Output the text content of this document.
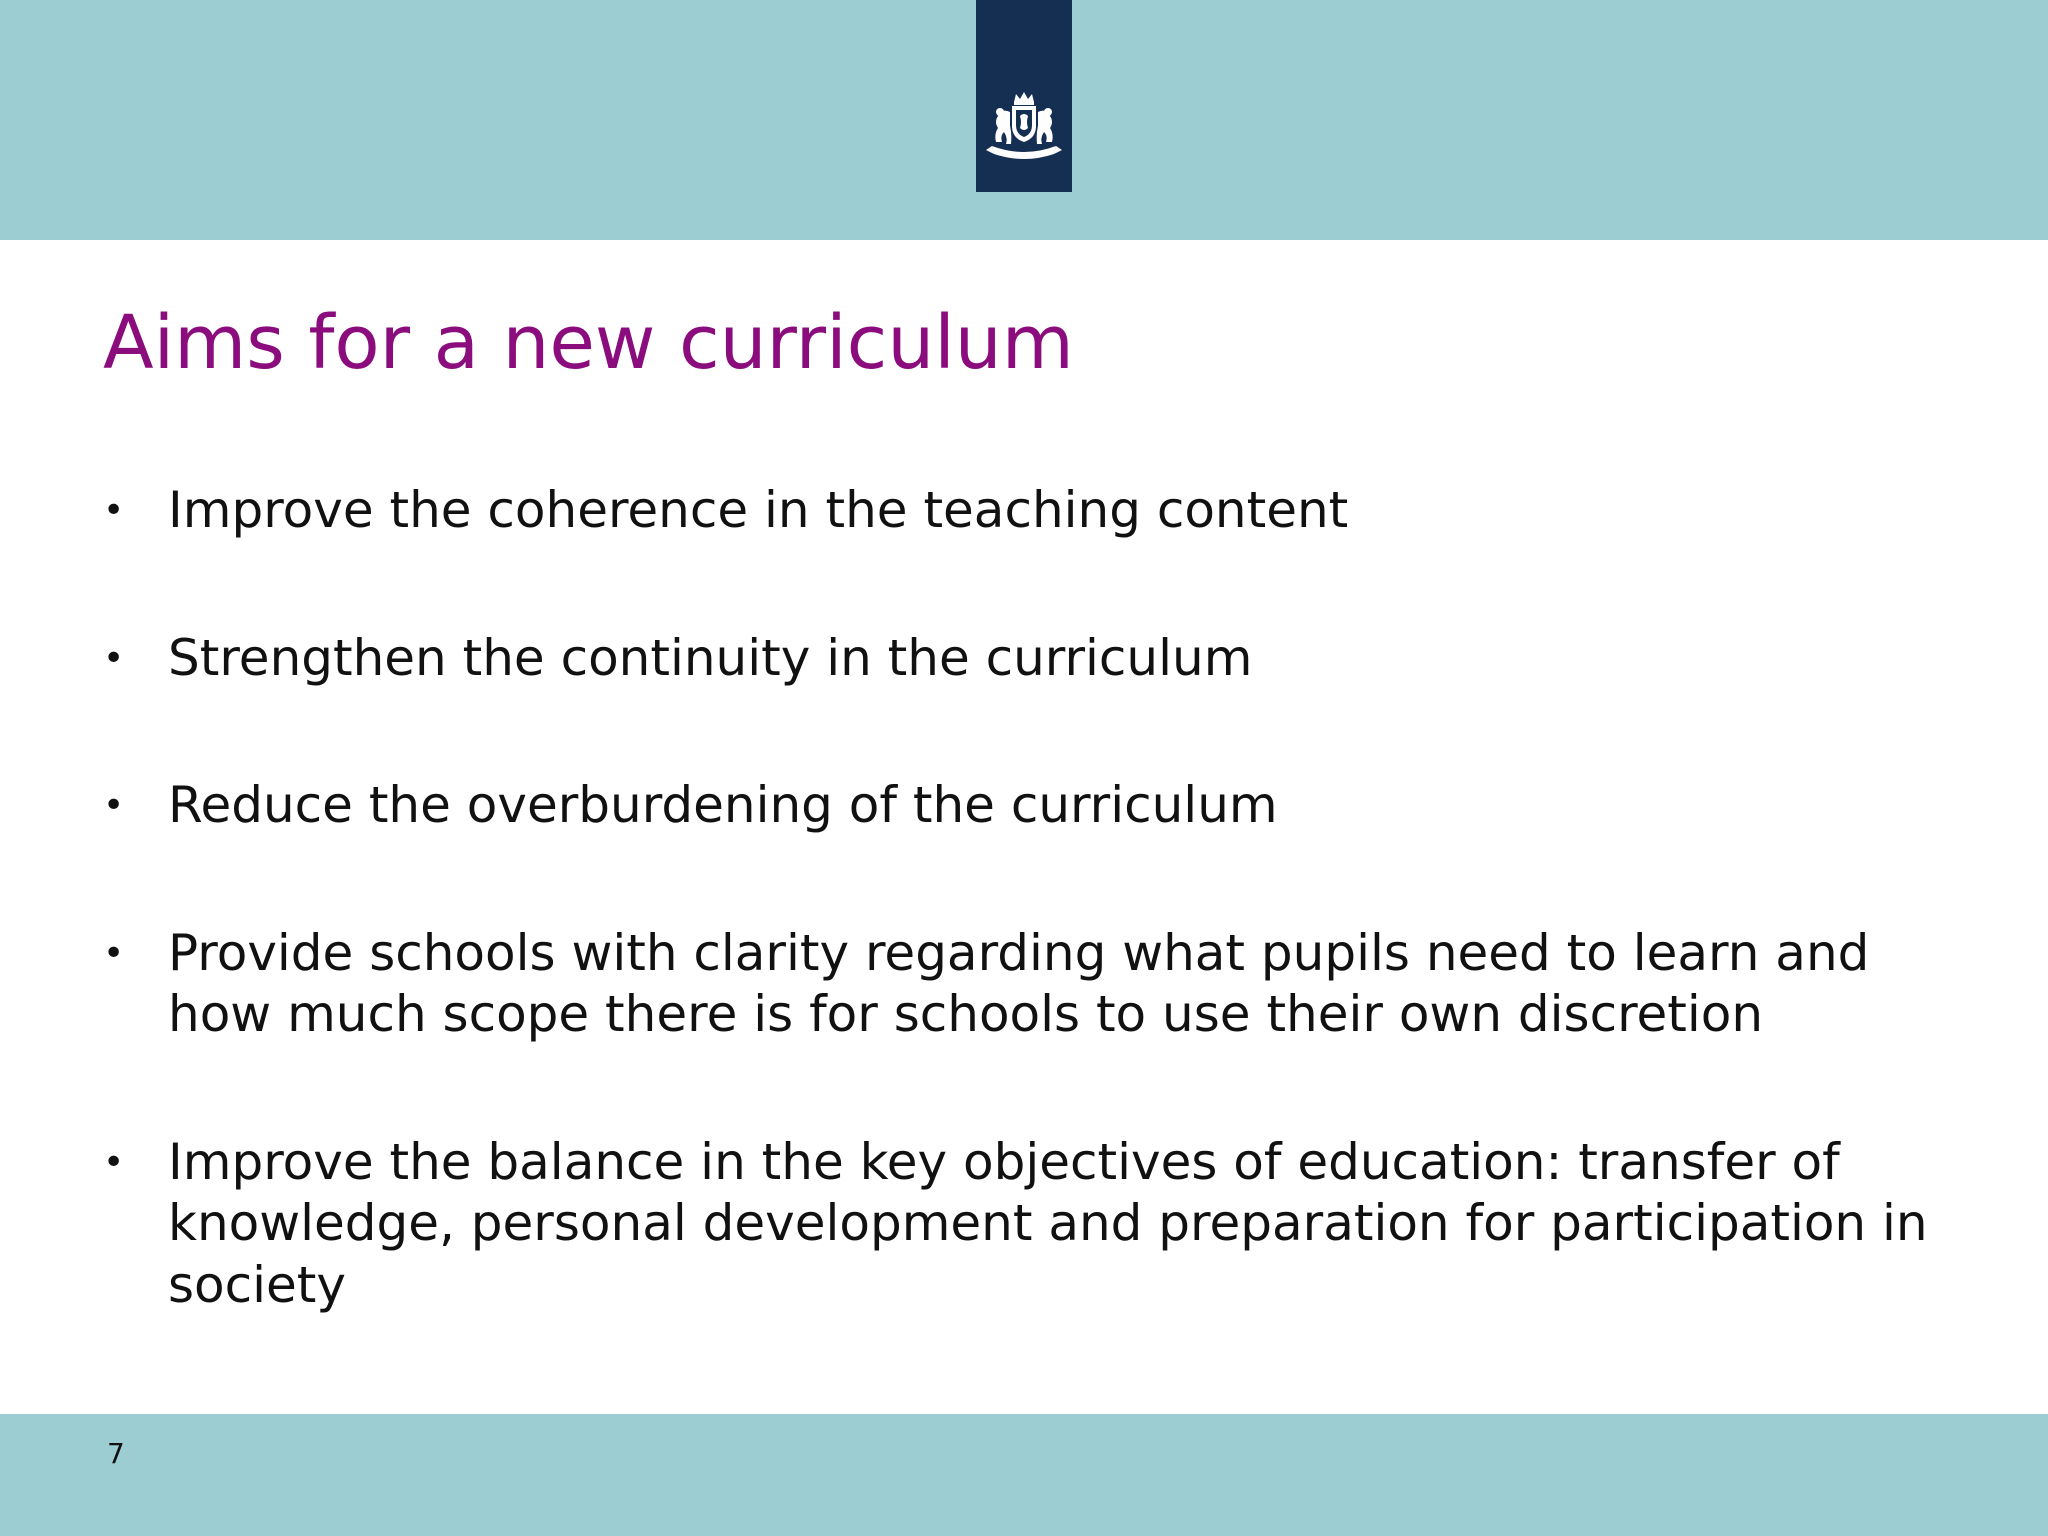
Aims for a new curriculum
• Improve the coherence in the teaching content
• Strengthen the continuity in the curriculum
• Reduce the overburdening of the curriculum
• Provide schools with clarity regarding what pupils need to learn and how much scope there is for schools to use their own discretion
• Improve the balance in the key objectives of education: transfer of knowledge, personal development and preparation for participation in society
7
